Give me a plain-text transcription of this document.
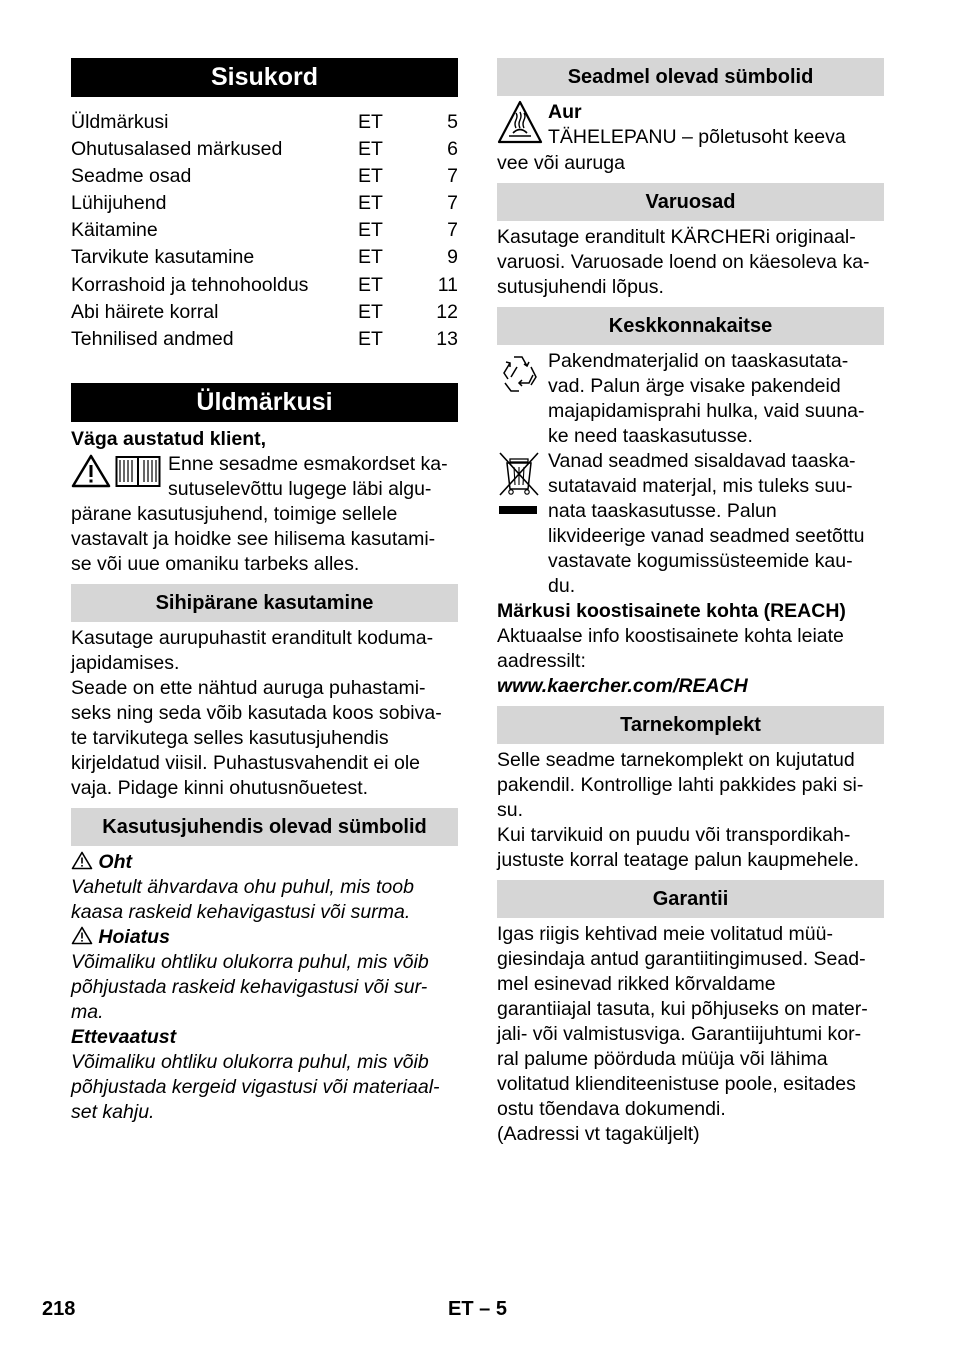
Sisukord
Üldmärkusi	ET	5
Ohutusalased märkused	ET	6
Seadme osad	ET	7
Lühijuhend	ET	7
Käitamine	ET	7
Tarvikute kasutamine	ET	9
Korrashoid ja tehnohooldus	ET	11
Abi häirete korral	ET	12
Tehnilised andmed	ET	13
Üldmärkusi

Väga austatud klient,

Enne sesadme esmakordset ka-

sutuselevõttu lugege läbi algu-

pärane kasutusjuhend, toimige sellele

vastavalt ja hoidke see hilisema kasutami-

se või uue omaniku tarbeks alles.

Sihipärane kasutamine

Kasutage aurupuhastit eranditult koduma-

japidamises.

Seade on ette nähtud auruga puhastami-

seks ning seda võib kasutada koos sobiva-

te tarvikutega selles kasutusjuhendis

kirjeldatud viisil. Puhastusvahendit ei ole

vaja. Pidage kinni ohutusnõuetest.

Kasutusjuhendis olevad sümbolid

Oht

Vahetult ähvardava ohu puhul, mis toob

kaasa raskeid kehavigastusi või surma.

Hoiatus

Võimaliku ohtliku olukorra puhul, mis võib

põhjustada raskeid kehavigastusi või sur-

ma.

Ettevaatust

Võimaliku ohtliku olukorra puhul, mis võib

põhjustada kergeid vigastusi või materiaal-

set kahju.

Seadmel olevad sümbolid

Aur

TÄHELEPANU – põletusoht keeva

vee või auruga

Varuosad

Kasutage eranditult KÄRCHERi originaal-

varuosi. Varuosade loend on käesoleva ka-

sutusjuhendi lõpus.

Keskkonnakaitse

Pakendmaterjalid on taaskasutata-

vad. Palun ärge visake pakendeid

majapidamisprahi hulka, vaid suuna-

ke need taaskasutusse.

Vanad seadmed sisaldavad taaska-

sutatavaid materjal, mis tuleks suu-

nata taaskasutusse. Palun

likvideerige vanad seadmed seetõttu

vastavate kogumissüsteemide kau-

du.

Märkusi koostisainete kohta (REACH)

Aktuaalse info koostisainete kohta leiate

aadressilt:

www.kaercher.com/REACH

Tarnekomplekt

Selle seadme tarnekomplekt on kujutatud

pakendil. Kontrollige lahti pakkides paki si-

su.

Kui tarvikuid on puudu või transpordikah-

justuste korral teatage palun kaupmehele.

Garantii

Igas riigis kehtivad meie volitatud müü-

giesindaja antud garantiitingimused. Sead-

mel esinevad rikked kõrvaldame

garantiiajal tasuta, kui põhjuseks on mater-

jali- või valmistusviga. Garantiijuhtumi kor-

ral palume pöörduda müüja või lähima

volitatud klienditeenistuse poole, esitades

ostu tõendava dokumendi.

(Aadressi vt tagaküljelt)

218	ET – 5
